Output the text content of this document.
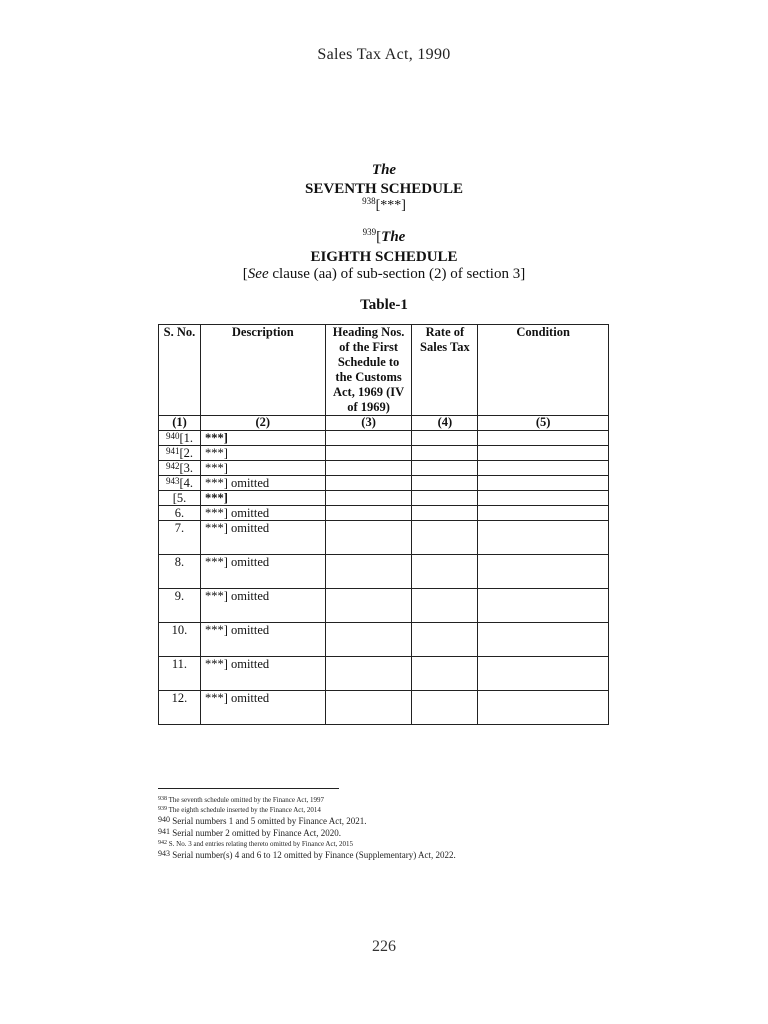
Sales Tax Act, 1990
The
SEVENTH SCHEDULE
$^{938}$[***]
$^{939}$[The
EIGHTH SCHEDULE
[See clause (aa) of sub-section (2) of section 3]
Table-1
S. No.	Description	Heading Nos. of the First Schedule to the Customs Act, 1969 (IV of 1969)	Rate of Sales Tax	Condition
(1)	(2)	(3)	(4)	(5)
$^{940}$[1.	***]			
$^{941}$[2.	***]			
$^{942}$[3.	***]			
$^{943}$[4.	***] omitted			
[5.	***]			
6.	***] omitted			
7.	***] omitted			
8.	***] omitted			
9.	***] omitted			
10.	***] omitted			
11.	***] omitted			
12.	***] omitted			
$^{938}$ The seventh schedule omitted by the Finance Act, 1997
$^{939}$ The eighth schedule inserted by the Finance Act, 2014
$^{940}$ Serial numbers 1 and 5 omitted by Finance Act, 2021.
$^{941}$ Serial number 2 omitted by Finance Act, 2020.
$^{942}$ S. No. 3 and entries relating thereto omitted by Finance Act, 2015
$^{943}$ Serial number(s) 4 and 6 to 12 omitted by Finance (Supplementary) Act, 2022.
226
